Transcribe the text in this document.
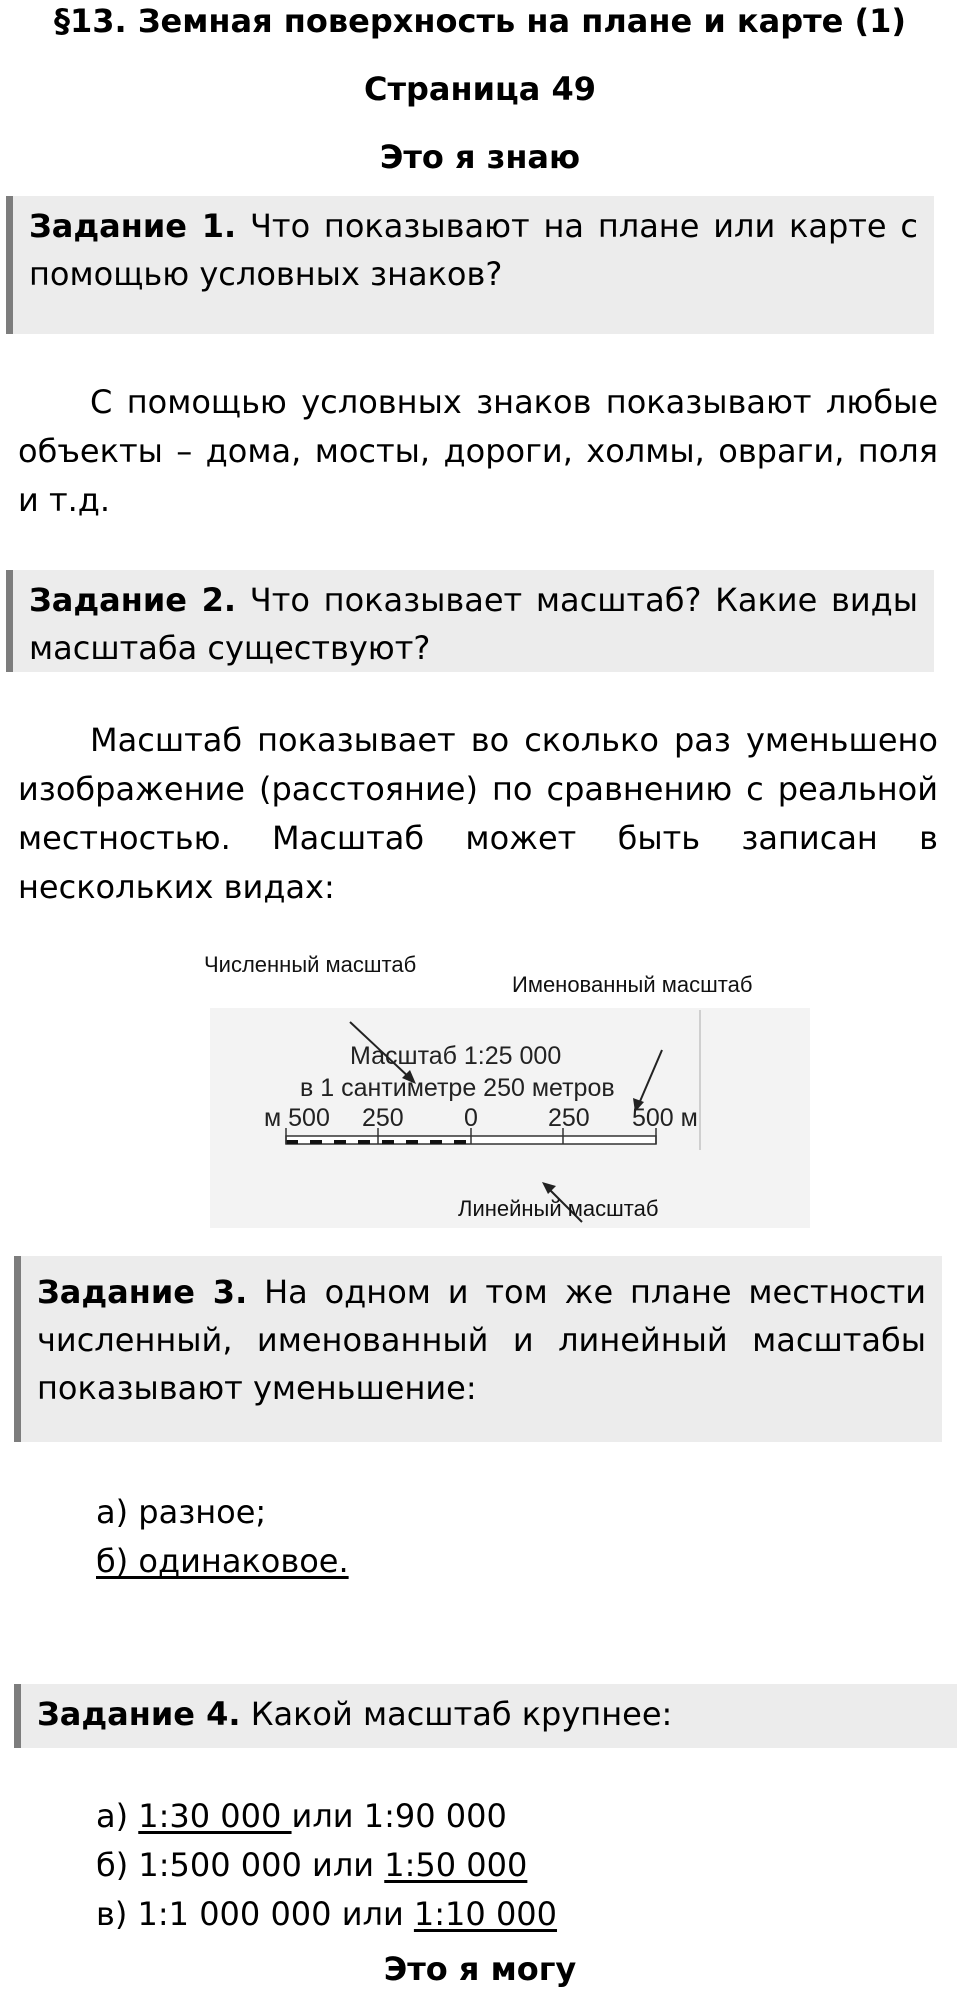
§13. Земная поверхность на плане и карте (1)
Страница 49
Это я знаю
Задание 1. Что показывают на плане или карте с помощью условных знаков?
С помощью условных знаков показывают любые объекты – дома, мосты, дороги, холмы, овраги, поля и т.д.
Задание 2. Что показывает масштаб? Какие виды масштаба существуют?
Масштаб показывает во сколько раз уменьшено изображение (расстояние) по сравнению с реальной местностью. Масштаб может быть записан в нескольких видах:
Численный масштаб
Именованный масштаб
Линейный масштаб
Масштаб 1:25 000
в 1 сантиметре 250 метров
м 500 250 0	250 500 м
Задание 3. На одном и том же плане местности численный, именованный и линейный масштабы показывают уменьшение:
а) разное;
б) одинаковое.
Задание 4. Какой масштаб крупнее:
а) 1:30 000 или 1:90 000
б) 1:500 000 или 1:50 000
в) 1:1 000 000 или 1:10 000
Это я могу
